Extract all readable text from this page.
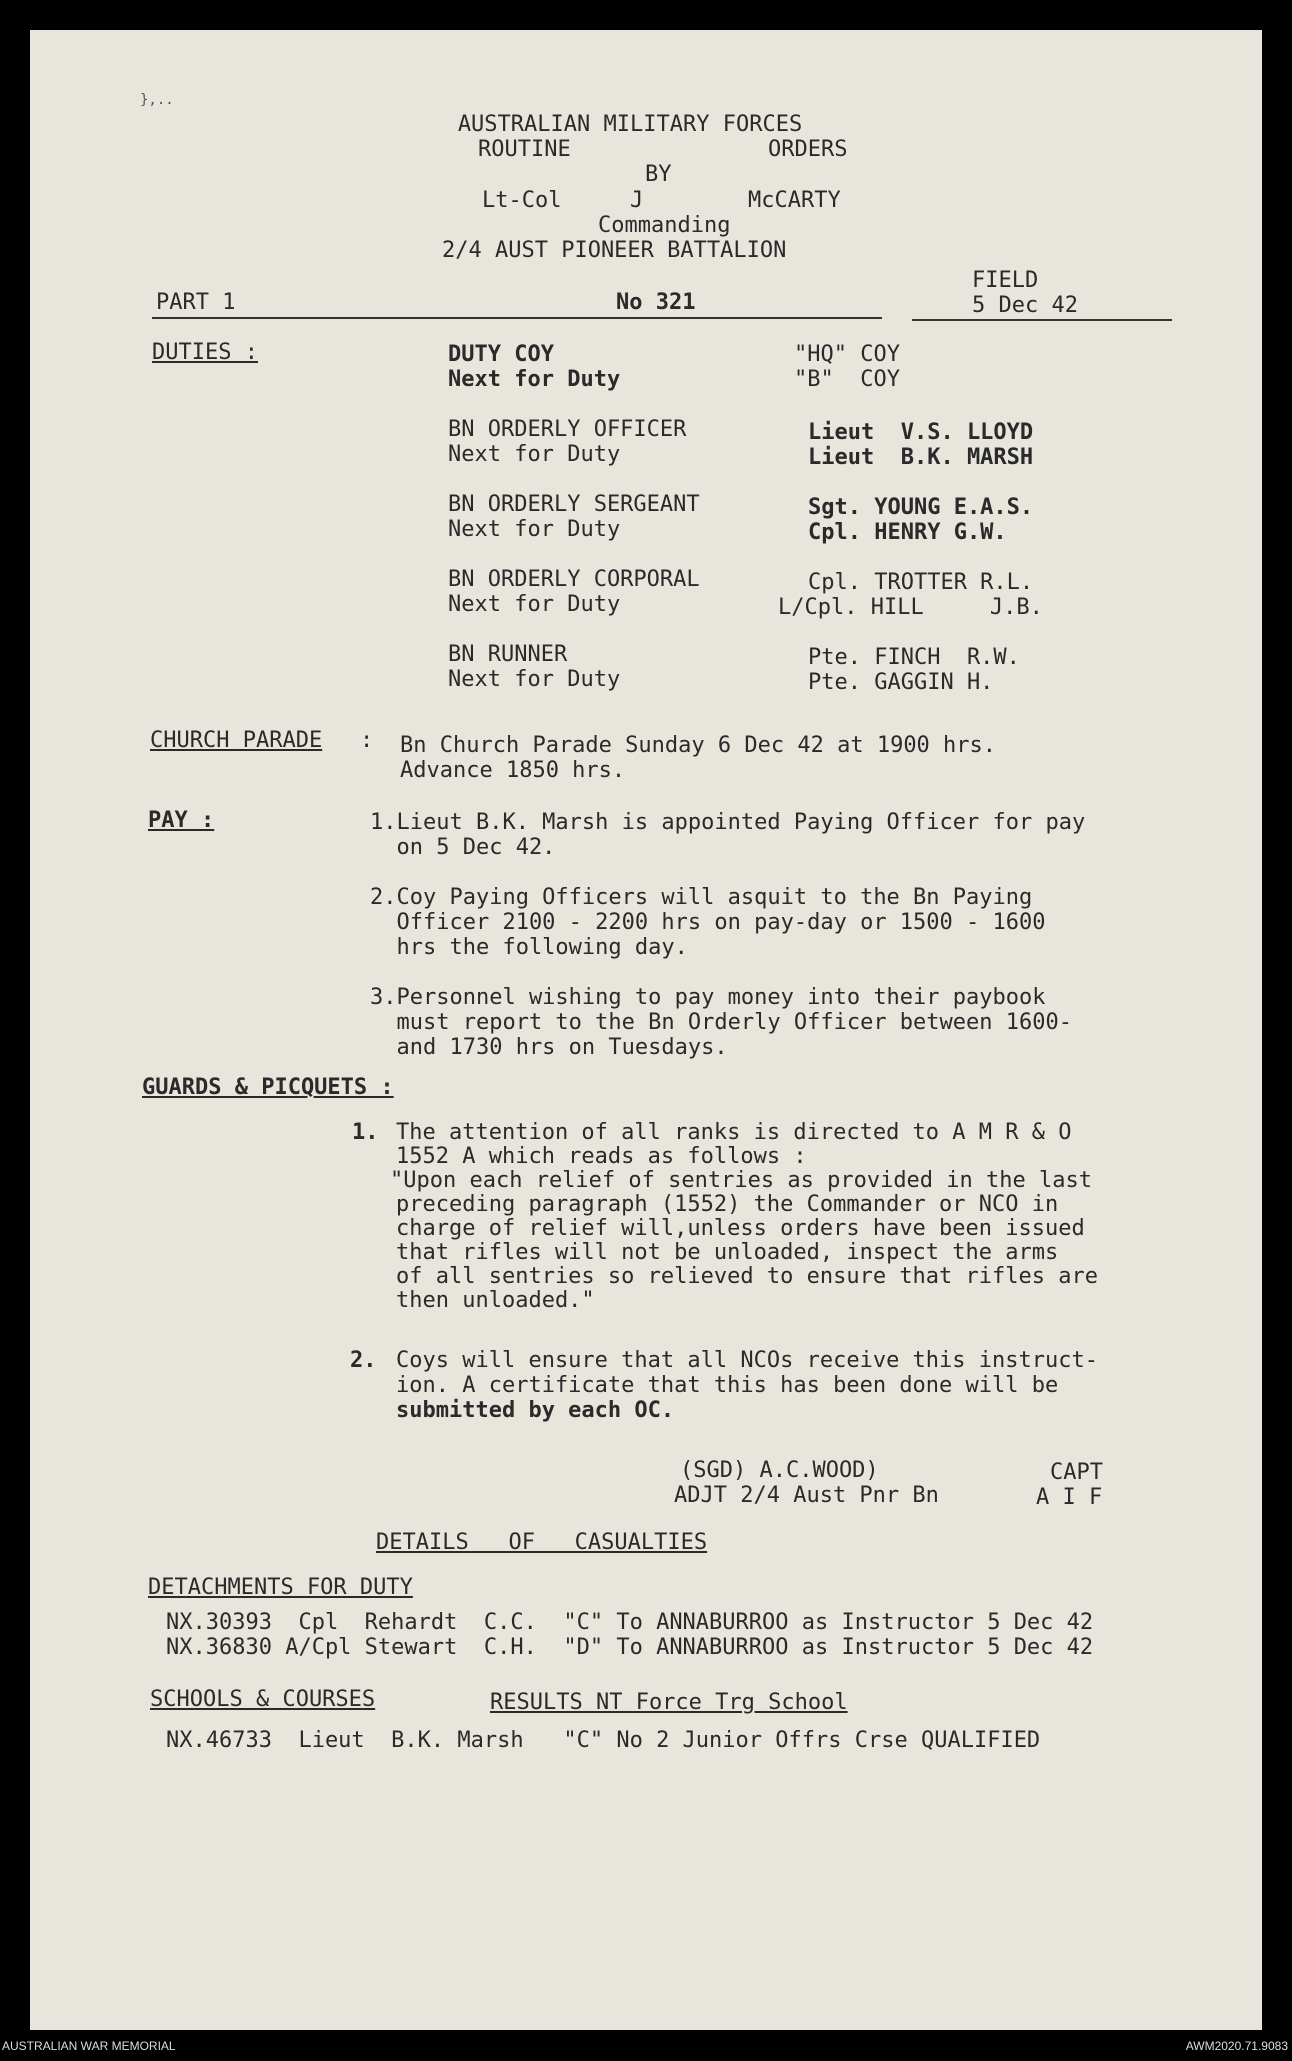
},..
AUSTRALIAN MILITARY FORCES
ROUTINE	ORDERS
BY
Lt-Col	J	McCARTY
Commanding
2/4 AUST PIONEER BATTALION
FIELD
PART 1	No 321	5 Dec 42
DUTIES :	DUTY COY	"HQ" COY
Next for Duty	"B"  COY
BN ORDERLY OFFICER	Lieut  V.S. LLOYD
Next for Duty	Lieut  B.K. MARSH
BN ORDERLY SERGEANT	Sgt. YOUNG E.A.S.
Next for Duty	Cpl. HENRY G.W.
BN ORDERLY CORPORAL	Cpl. TROTTER R.L.
Next for Duty	L/Cpl. HILL     J.B.
BN RUNNER	Pte. FINCH  R.W.
Next for Duty	Pte. GAGGIN H.
CHURCH PARADE : Bn Church Parade Sunday 6 Dec 42 at 1900 hrs.
Advance 1850 hrs.
PAY :	1.Lieut B.K. Marsh is appointed Paying Officer for pay
on 5 Dec 42.
2.Coy Paying Officers will asquit to the Bn Paying
Officer 2100 - 2200 hrs on pay-day or 1500 - 1600
hrs the following day.
3.Personnel wishing to pay money into their paybook
must report to the Bn Orderly Officer between 1600-
and 1730 hrs on Tuesdays.
GUARDS & PICQUETS :
1. The attention of all ranks is directed to A M R & O
1552 A which reads as follows :
"Upon each relief of sentries as provided in the last
preceding paragraph (1552) the Commander or NCO in
charge of relief will,unless orders have been issued
that rifles will not be unloaded, inspect the arms
of all sentries so relieved to ensure that rifles are
then unloaded."
2. Coys will ensure that all NCOs receive this instruct-
ion. A certificate that this has been done will be
submitted by each OC.
(SGD) A.C.WOOD)	CAPT
ADJT 2/4 Aust Pnr Bn	A I F
DETAILS   OF   CASUALTIES
DETACHMENTS FOR DUTY
NX.30393  Cpl  Rehardt  C.C.  "C" To ANNABURROO as Instructor 5 Dec 42
NX.36830 A/Cpl Stewart  C.H.  "D" To ANNABURROO as Instructor 5 Dec 42
SCHOOLS & COURSES	RESULTS NT Force Trg School
NX.46733  Lieut  B.K. Marsh   "C" No 2 Junior Offrs Crse QUALIFIED
AUSTRALIAN WAR MEMORIAL	AWM2020.71.9083
